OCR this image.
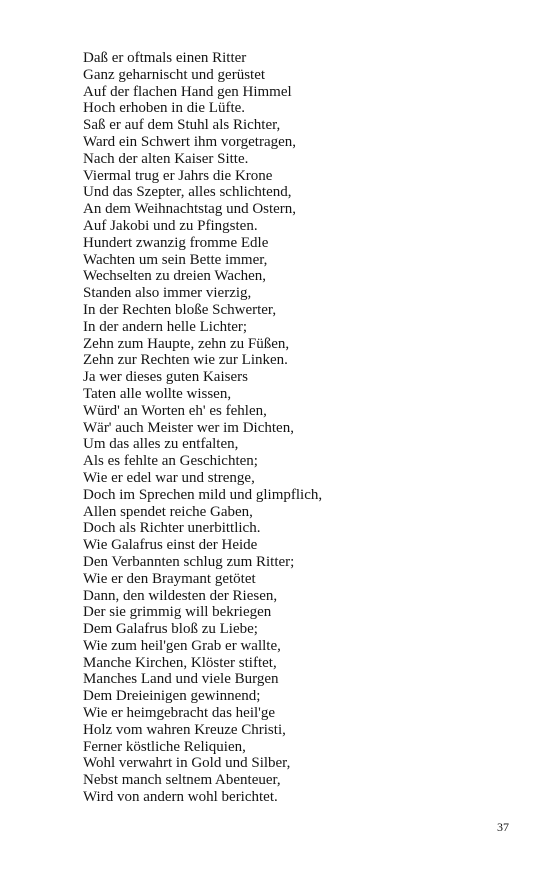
Daß er oftmals einen Ritter
Ganz geharnischt und gerüstet
Auf der flachen Hand gen Himmel
Hoch erhoben in die Lüfte.
Saß er auf dem Stuhl als Richter,
Ward ein Schwert ihm vorgetragen,
Nach der alten Kaiser Sitte.
Viermal trug er Jahrs die Krone
Und das Szepter, alles schlichtend,
An dem Weihnachtstag und Ostern,
Auf Jakobi und zu Pfingsten.
Hundert zwanzig fromme Edle
Wachten um sein Bette immer,
Wechselten zu dreien Wachen,
Standen also immer vierzig,
In der Rechten bloße Schwerter,
In der andern helle Lichter;
Zehn zum Haupte, zehn zu Füßen,
Zehn zur Rechten wie zur Linken.
Ja wer dieses guten Kaisers
Taten alle wollte wissen,
Würd' an Worten eh' es fehlen,
Wär' auch Meister wer im Dichten,
Um das alles zu entfalten,
Als es fehlte an Geschichten;
Wie er edel war und strenge,
Doch im Sprechen mild und glimpflich,
Allen spendet reiche Gaben,
Doch als Richter unerbittlich.
Wie Galafrus einst der Heide
Den Verbannten schlug zum Ritter;
Wie er den Braymant getötet
Dann, den wildesten der Riesen,
Der sie grimmig will bekriegen
Dem Galafrus bloß zu Liebe;
Wie zum heil'gen Grab er wallte,
Manche Kirchen, Klöster stiftet,
Manches Land und viele Burgen
Dem Dreieinigen gewinnend;
Wie er heimgebracht das heil'ge
Holz vom wahren Kreuze Christi,
Ferner köstliche Reliquien,
Wohl verwahrt in Gold und Silber,
Nebst manch seltnem Abenteuer,
Wird von andern wohl berichtet.
37
